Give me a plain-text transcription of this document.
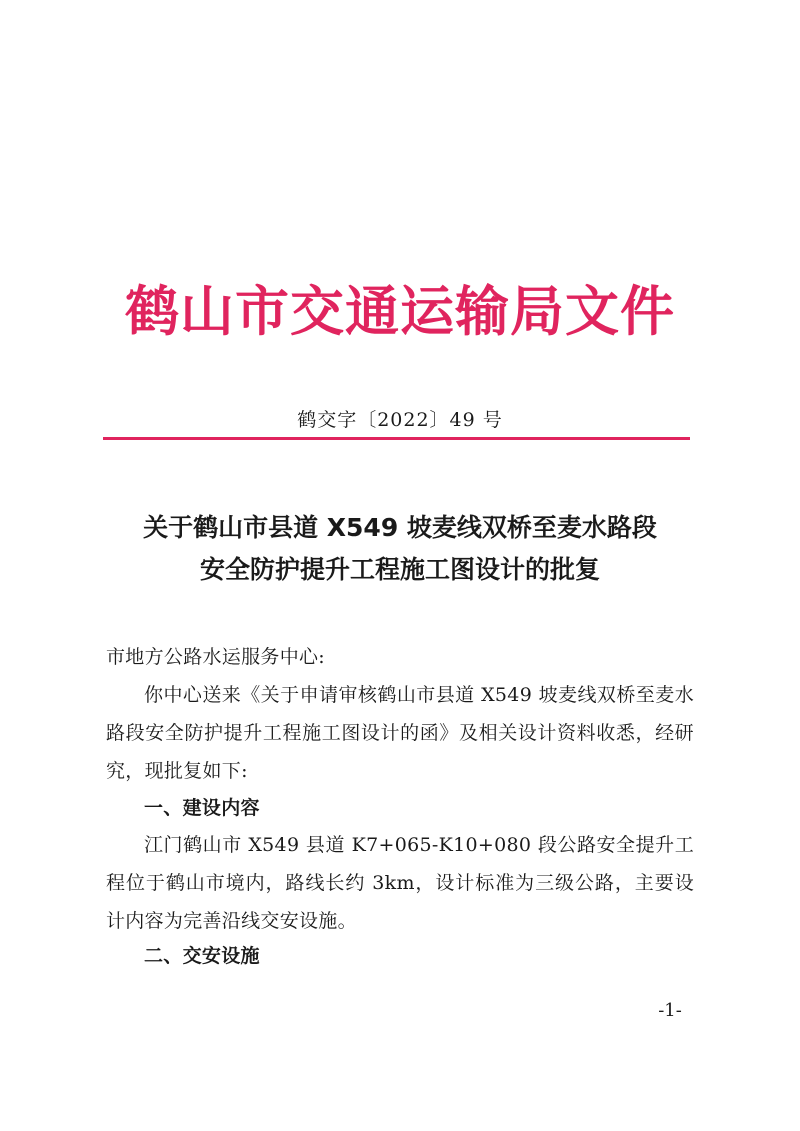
鹤山市交通运输局文件
鹤交字〔2022〕49 号
关于鹤山市县道 X549 坡麦线双桥至麦水路段
安全防护提升工程施工图设计的批复
市地方公路水运服务中心:
你中心送来《关于申请审核鹤山市县道 X549 坡麦线双桥至麦水路段安全防护提升工程施工图设计的函》及相关设计资料收悉，经研究，现批复如下:
一、建设内容
江门鹤山市 X549 县道 K7+065-K10+080 段公路安全提升工程位于鹤山市境内，路线长约 3km，设计标准为三级公路，主要设计内容为完善沿线交安设施。
二、交安设施
-1-
